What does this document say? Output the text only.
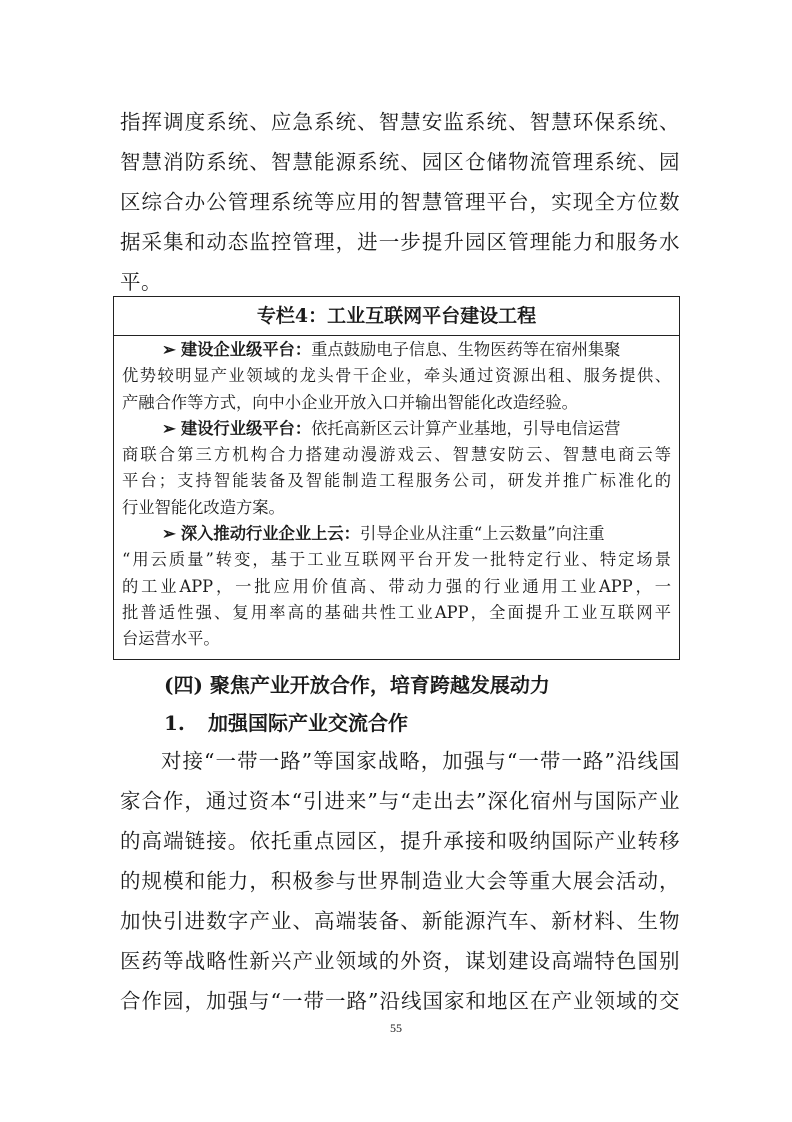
指挥调度系统、应急系统、智慧安监系统、智慧环保系统、
智慧消防系统、智慧能源系统、园区仓储物流管理系统、园
区综合办公管理系统等应用的智慧管理平台，实现全方位数
据采集和动态监控管理，进一步提升园区管理能力和服务水
平。
专栏4：工业互联网平台建设工程
➢ 建设企业级平台：重点鼓励电子信息、生物医药等在宿州集聚
优势较明显产业领域的龙头骨干企业，牵头通过资源出租、服务提供、
产融合作等方式，向中小企业开放入口并输出智能化改造经验。
➢ 建设行业级平台：依托高新区云计算产业基地，引导电信运营
商联合第三方机构合力搭建动漫游戏云、智慧安防云、智慧电商云等
平台；支持智能装备及智能制造工程服务公司，研发并推广标准化的
行业智能化改造方案。
➢ 深入推动行业企业上云：引导企业从注重“上云数量”向注重
“用云质量”转变，基于工业互联网平台开发一批特定行业、特定场景
的工业APP，一批应用价值高、带动力强的行业通用工业APP，一
批普适性强、复用率高的基础共性工业APP，全面提升工业互联网平
台运营水平。
(四) 聚焦产业开放合作，培育跨越发展动力
1. 加强国际产业交流合作
对接“一带一路”等国家战略，加强与“一带一路”沿线国
家合作，通过资本“引进来”与“走出去”深化宿州与国际产业
的高端链接。依托重点园区，提升承接和吸纳国际产业转移
的规模和能力，积极参与世界制造业大会等重大展会活动，
加快引进数字产业、高端装备、新能源汽车、新材料、生物
医药等战略性新兴产业领域的外资，谋划建设高端特色国别
合作园，加强与“一带一路”沿线国家和地区在产业领域的交
55
